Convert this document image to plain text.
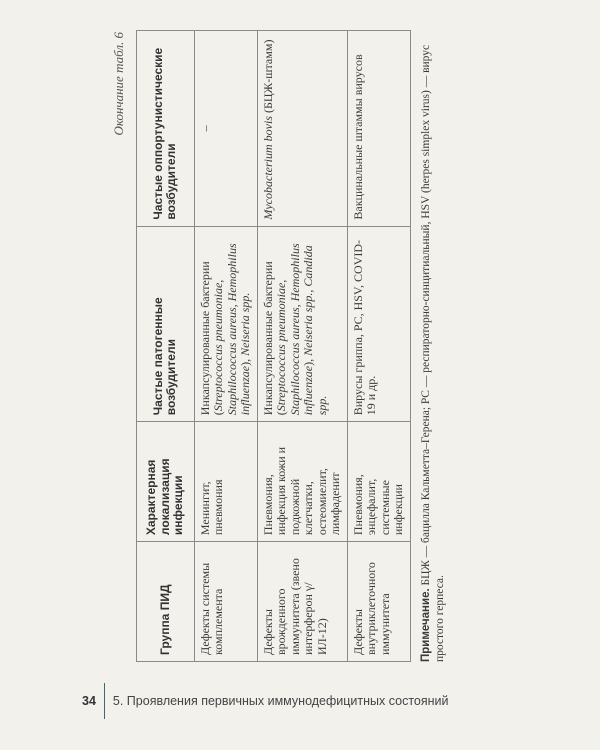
Окончание табл. 6
Группа ПИД	Характерная локализация инфекции	Частые патогенные возбудители	Частые оппортунистические возбудители
Дефекты системы комплемента	Менингит, пневмония	Инкапсулированные бактерии (Streptococcus pneumoniae, Staphilococcus aureus, Hemophilus influenzae), Neiseria spp.	–
Дефекты врожденного иммунитета (звено интерферон γ/ИЛ-12)	Пневмония, инфекция кожи и подкожной клетчатки, остеомиелит, лимфаденит	Инкапсулированные бактерии (Streptococcus pneumoniae, Staphilococcus aureus, Hemophilus influenzae), Neiseria spp., Candida spp.	Mycobacterium bovis (БЦЖ-штамм)
Дефекты внутриклеточного иммунитета	Пневмония, энцефалит, системные инфекции	Вирусы гриппа, PC, HSV, COVID-19 и др.	Вакцинальные штаммы вирусов
Примечание. БЦЖ — бацилла Кальметта–Герена; PC — респираторно-синцитиальный, HSV (herpes simplex virus) — вирус простого герпеса.
34 5. Проявления первичных иммунодефицитных состояний
